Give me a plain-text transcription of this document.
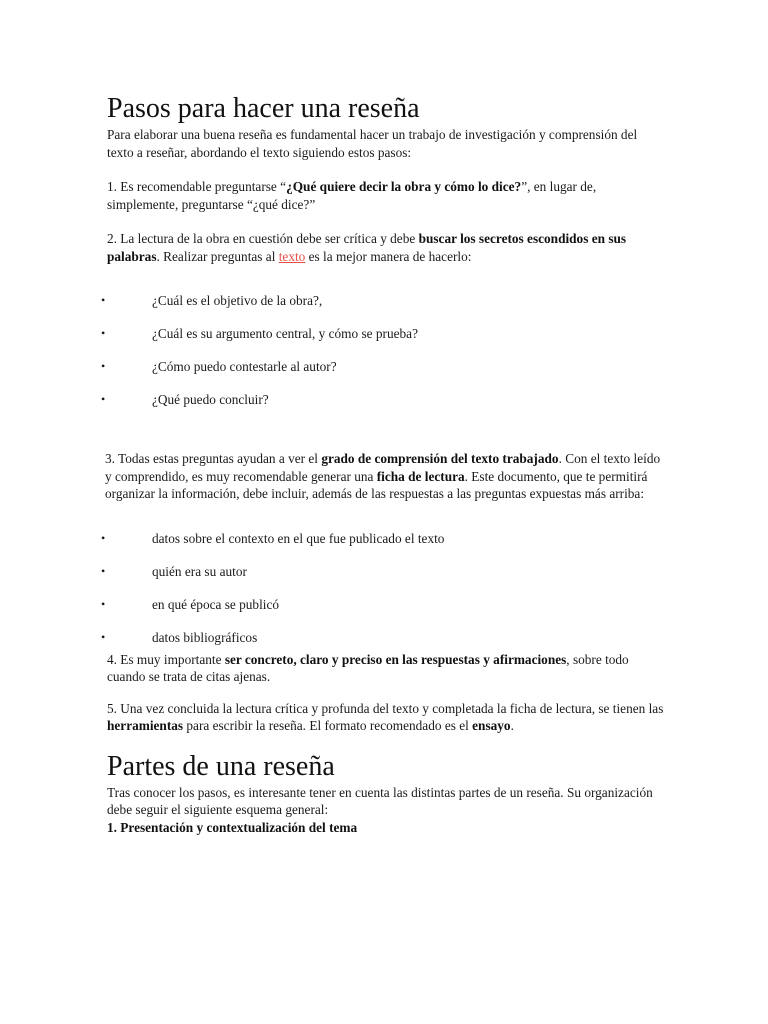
Pasos para hacer una reseña

Para elaborar una buena reseña es fundamental hacer un trabajo de investigación y comprensión del texto a reseñar, abordando el texto siguiendo estos pasos:

1. Es recomendable preguntarse “¿Qué quiere decir la obra y cómo lo dice?”, en lugar de, simplemente, preguntarse “¿qué dice?”

2. La lectura de la obra en cuestión debe ser crítica y debe buscar los secretos escondidos en sus palabras. Realizar preguntas al texto es la mejor manera de hacerlo:

•	¿Cuál es el objetivo de la obra?,
•	¿Cuál es su argumento central, y cómo se prueba?
•	¿Cómo puedo contestarle al autor?
•	¿Qué puedo concluir?

3. Todas estas preguntas ayudan a ver el grado de comprensión del texto trabajado. Con el texto leído y comprendido, es muy recomendable generar una ficha de lectura. Este documento, que te permitirá organizar la información, debe incluir, además de las respuestas a las preguntas expuestas más arriba:

•	datos sobre el contexto en el que fue publicado el texto
•	quién era su autor
•	en qué época se publicó
•	datos bibliográficos

4. Es muy importante ser concreto, claro y preciso en las respuestas y afirmaciones, sobre todo cuando se trata de citas ajenas.

5. Una vez concluida la lectura crítica y profunda del texto y completada la ficha de lectura, se tienen las herramientas para escribir la reseña. El formato recomendado es el ensayo.

Partes de una reseña

Tras conocer los pasos, es interesante tener en cuenta las distintas partes de un reseña. Su organización debe seguir el siguiente esquema general:

1. Presentación y contextualización del tema
